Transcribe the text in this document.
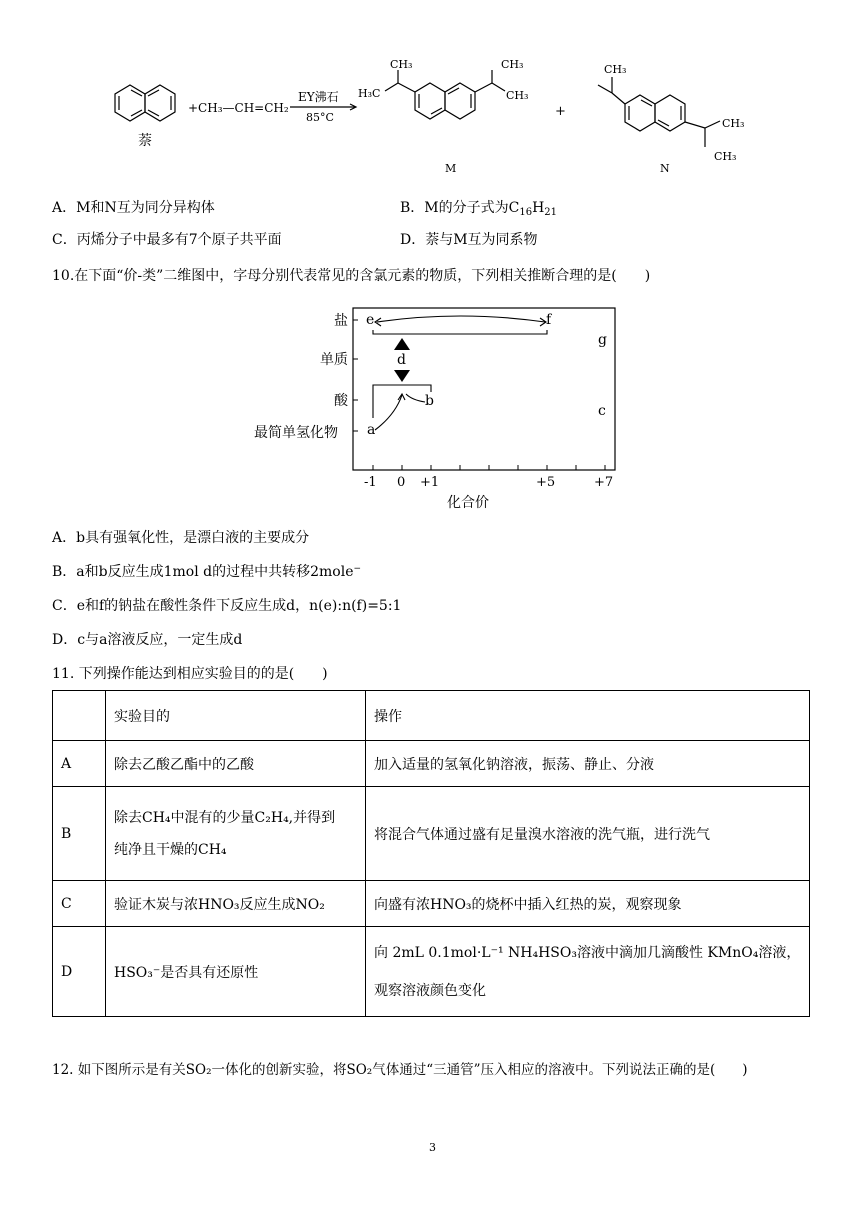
萘
+CH₃—CH=CH₂
EY沸石
85°C
H₃C
CH₃	CH₃
CH₃
+
CH₃
CH₃
CH₃
M	N
A．M和N互为同分异构体	B．M的分子式为$C_{16}H_{21}$
C．丙烯分子中最多有7个原子共平面	D．萘与M互为同系物
10.在下面“价-类”二维图中，字母分别代表常见的含氯元素的物质，下列相关推断合理的是(　　)
盐
单质
酸
最简单氢化物
-1 0 +1	+5	+7
化合价
e	f
g
d
b
c
a
A．b具有强氧化性，是漂白液的主要成分
B．a和b反应生成1mol d的过程中共转移2mole−
C．e和f的钠盐在酸性条件下反应生成d，n(e):n(f)=5:1
D．c与a溶液反应，一定生成d
11. 下列操作能达到相应实验目的的是(　　)
	实验目的	操作
A	除去乙酸乙酯中的乙酸	加入适量的氢氧化钠溶液，振荡、静止、分液
B	除去CH₄中混有的少量C₂H₄,并得到
纯净且干燥的CH₄	将混合气体通过盛有足量溴水溶液的洗气瓶，进行洗气
C	验证木炭与浓HNO₃反应生成NO₂	向盛有浓HNO₃的烧杯中插入红热的炭，观察现象
D	HSO₃⁻是否具有还原性	向 2mL 0.1mol·L⁻¹ NH₄HSO₃溶液中滴加几滴酸性 KMnO₄溶液，
观察溶液颜色变化
12. 如下图所示是有关SO₂一体化的创新实验，将SO₂气体通过“三通管”压入相应的溶液中。下列说法正确的是(　　)
3
